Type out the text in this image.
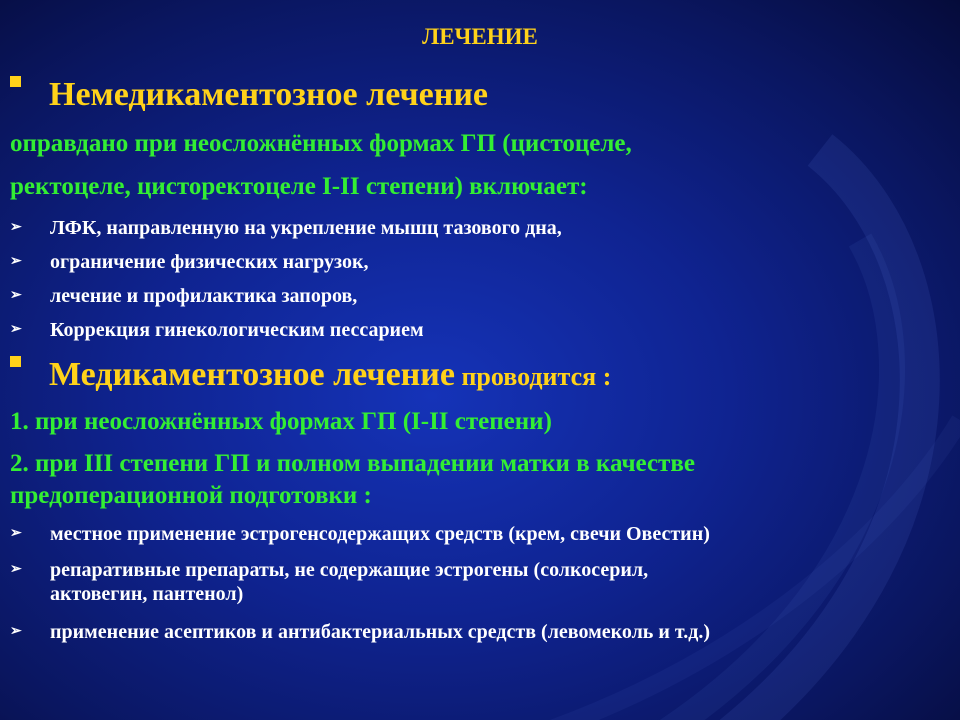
ЛЕЧЕНИЕ
Немедикаментозное лечение
оправдано при неосложнённых формах ГП (цистоцеле,
ректоцеле, цисторектоцеле I-II степени) включает:
➢ ЛФК, направленную на укрепление мышц тазового дна,
➢ ограничение физических нагрузок,
➢ лечение и профилактика запоров,
➢ Коррекция гинекологическим пессарием
Медикаментозное лечение проводится :
1. при неосложнённых формах ГП (I-II степени)
2. при III степени ГП и полном выпадении матки в качестве
предоперационной подготовки :
➢ местное применение эстрогенсодержащих средств (крем, свечи Овестин)
➢ репаративные препараты, не содержащие эстрогены (солкосерил,
актовегин, пантенол)
➢ применение асептиков и антибактериальных средств (левомеколь и т.д.)
